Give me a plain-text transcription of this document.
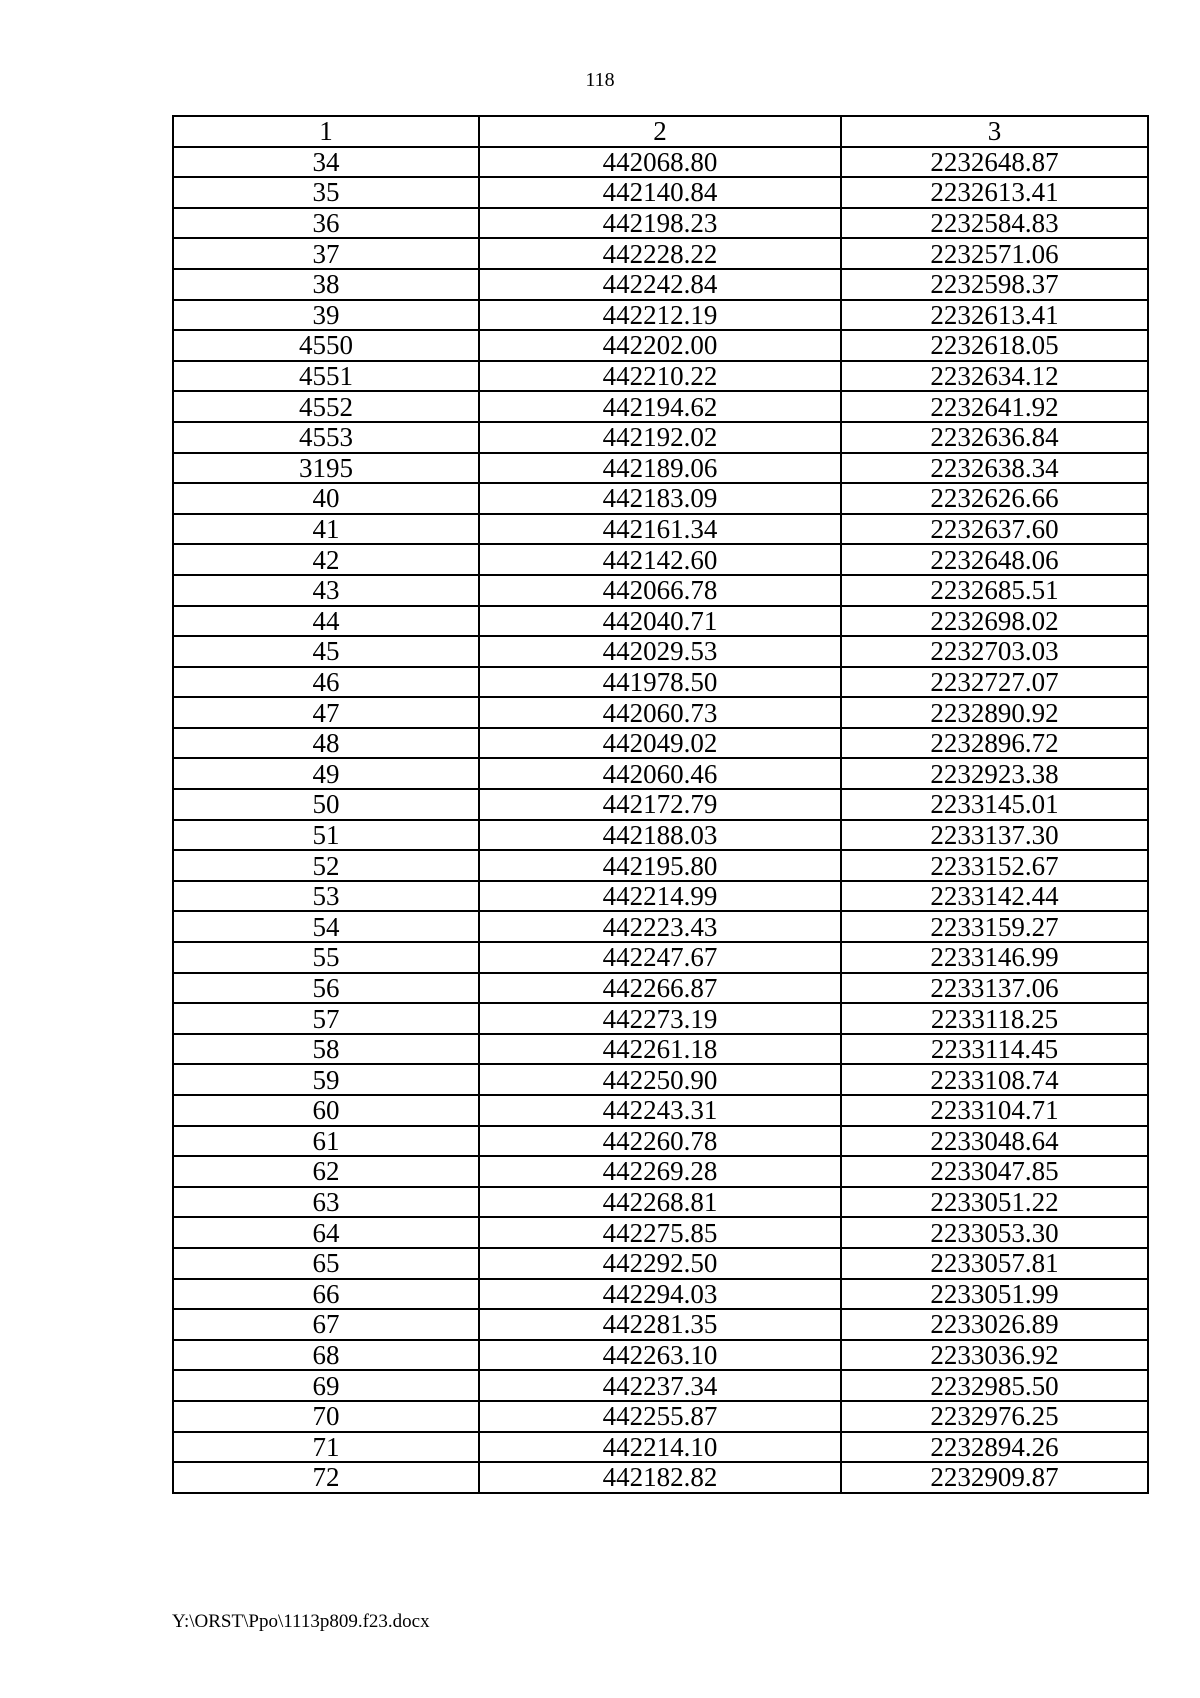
118
1	2	3
34	442068.80	2232648.87
35	442140.84	2232613.41
36	442198.23	2232584.83
37	442228.22	2232571.06
38	442242.84	2232598.37
39	442212.19	2232613.41
4550	442202.00	2232618.05
4551	442210.22	2232634.12
4552	442194.62	2232641.92
4553	442192.02	2232636.84
3195	442189.06	2232638.34
40	442183.09	2232626.66
41	442161.34	2232637.60
42	442142.60	2232648.06
43	442066.78	2232685.51
44	442040.71	2232698.02
45	442029.53	2232703.03
46	441978.50	2232727.07
47	442060.73	2232890.92
48	442049.02	2232896.72
49	442060.46	2232923.38
50	442172.79	2233145.01
51	442188.03	2233137.30
52	442195.80	2233152.67
53	442214.99	2233142.44
54	442223.43	2233159.27
55	442247.67	2233146.99
56	442266.87	2233137.06
57	442273.19	2233118.25
58	442261.18	2233114.45
59	442250.90	2233108.74
60	442243.31	2233104.71
61	442260.78	2233048.64
62	442269.28	2233047.85
63	442268.81	2233051.22
64	442275.85	2233053.30
65	442292.50	2233057.81
66	442294.03	2233051.99
67	442281.35	2233026.89
68	442263.10	2233036.92
69	442237.34	2232985.50
70	442255.87	2232976.25
71	442214.10	2232894.26
72	442182.82	2232909.87
Y:\ORST\Ppo\1113p809.f23.docx
